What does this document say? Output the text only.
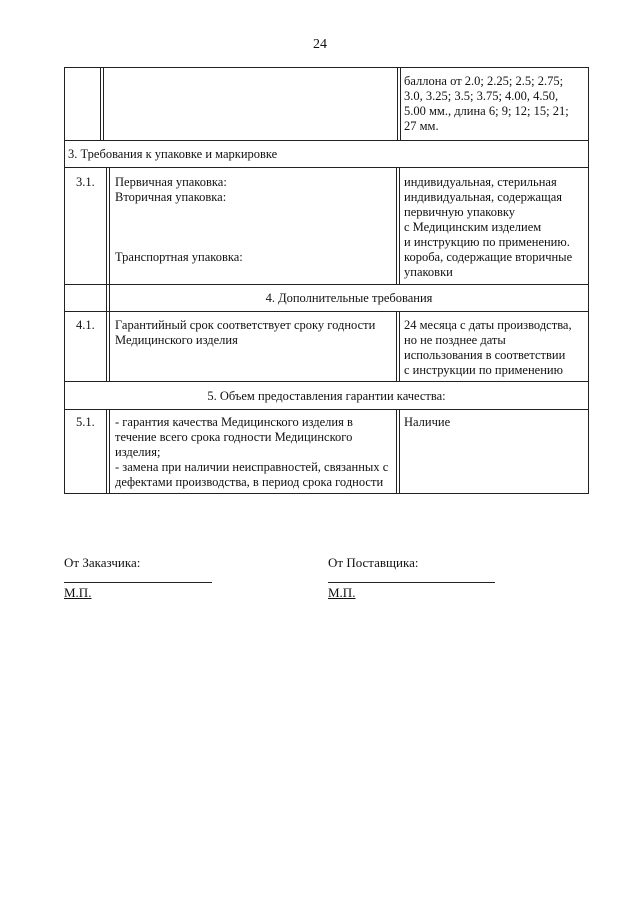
24
баллона от 2.0; 2.25; 2.5; 2.75;
3.0, 3.25; 3.5; 3.75; 4.00, 4.50,
5.00 мм., длина 6; 9; 12; 15; 21;
27 мм.
3. Требования к упаковке и маркировке
3.1. Первичная упаковка:
Вторичная упаковка:
Транспортная упаковка:
индивидуальная, стерильная
индивидуальная, содержащая
первичную упаковку
с Медицинским изделием
и инструкцию по применению.
короба, содержащие вторичные
упаковки
4. Дополнительные требования
4.1. Гарантийный срок соответствует сроку годности
Медицинского изделия
24 месяца с даты производства,
но не позднее даты
использования в соответствии
с инструкции по применению
5. Объем предоставления гарантии качества:
5.1. - гарантия качества Медицинского изделия в
течение всего срока годности Медицинского
изделия;
- замена при наличии неисправностей, связанных с
дефектами производства, в период срока годности
Наличие
От Заказчика:
М.П.
От Поставщика:
М.П.
